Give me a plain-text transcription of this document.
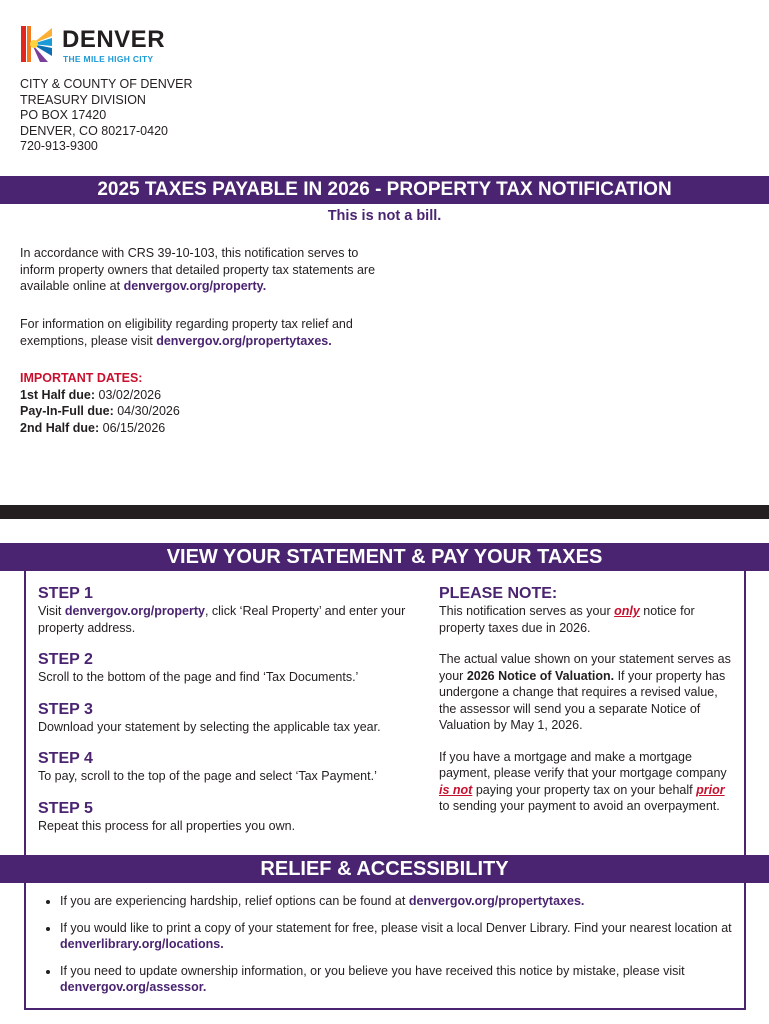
DENVER
THE MILE HIGH CITY
CITY & COUNTY OF DENVER
TREASURY DIVISION
PO BOX 17420
DENVER, CO 80217-0420
720-913-9300
2025 TAXES PAYABLE IN 2026 - PROPERTY TAX NOTIFICATION
This is not a bill.
In accordance with CRS 39-10-103, this notification serves to inform property owners that detailed property tax statements are available online at denvergov.org/property.
For information on eligibility regarding property tax relief and exemptions, please visit denvergov.org/propertytaxes.
IMPORTANT DATES:
1st Half due: 03/02/2026
Pay-In-Full due: 04/30/2026
2nd Half due: 06/15/2026
VIEW YOUR STATEMENT & PAY YOUR TAXES
STEP 1
Visit denvergov.org/property, click ‘Real Property’ and enter your property address.
STEP 2
Scroll to the bottom of the page and find ‘Tax Documents.’
STEP 3
Download your statement by selecting the applicable tax year.
STEP 4
To pay, scroll to the top of the page and select ‘Tax Payment.’
STEP 5
Repeat this process for all properties you own.
PLEASE NOTE:
This notification serves as your only notice for property taxes due in 2026.
The actual value shown on your statement serves as your 2026 Notice of Valuation. If your property has undergone a change that requires a revised value, the assessor will send you a separate Notice of Valuation by May 1, 2026.
If you have a mortgage and make a mortgage payment, please verify that your mortgage company is not paying your property tax on your behalf prior to sending your payment to avoid an overpayment.
RELIEF & ACCESSIBILITY
• If you are experiencing hardship, relief options can be found at denvergov.org/propertytaxes.
• If you would like to print a copy of your statement for free, please visit a local Denver Library. Find your nearest location at denverlibrary.org/locations.
• If you need to update ownership information, or you believe you have received this notice by mistake, please visit denvergov.org/assessor.
